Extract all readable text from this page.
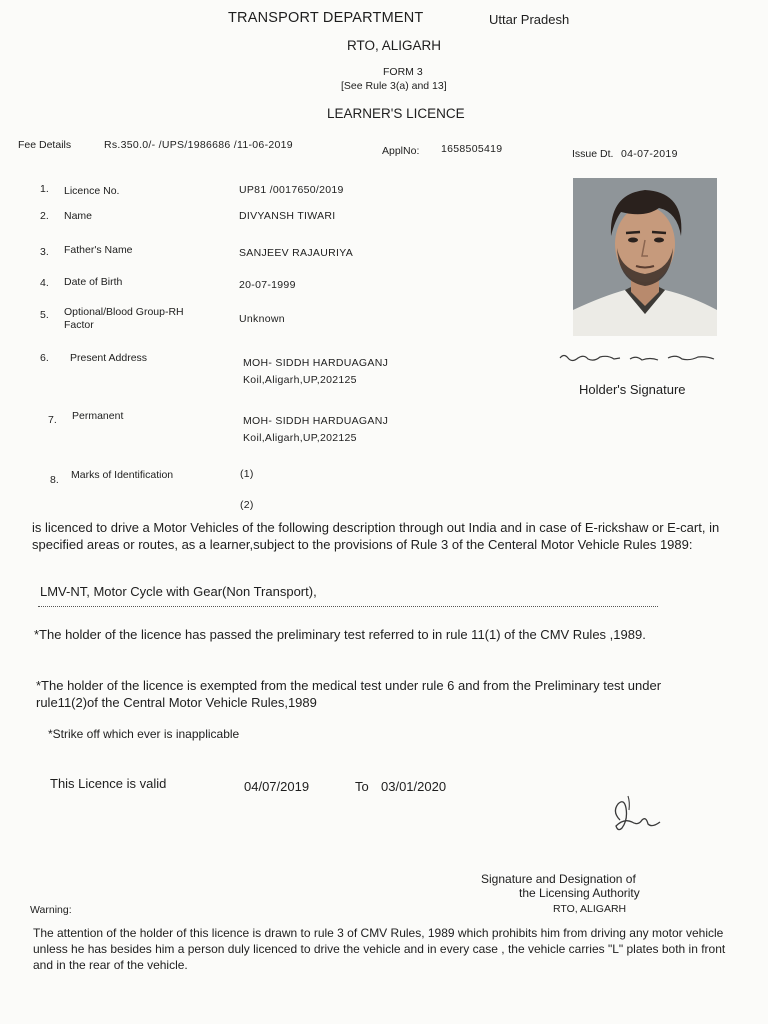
TRANSPORT DEPARTMENT	Uttar Pradesh
RTO, ALIGARH
FORM 3
[See Rule 3(a) and 13]
LEARNER'S LICENCE
Fee Details	Rs.350.0/- /UPS/1986686 /11-06-2019	ApplNo: 1658505419	Issue Dt. 04-07-2019
1.	Licence No.	UP81 /0017650/2019
2.	Name	DIVYANSH TIWARI
3.	Father's Name	SANJEEV RAJAURIYA
4.	Date of Birth	20-07-1999
5.	Optional/Blood Group-RH Factor	Unknown
6.	Present Address	MOH- SIDDH HARDUAGANJ
Koil,Aligarh,UP,202125
7.	Permanent	MOH- SIDDH HARDUAGANJ
Koil,Aligarh,UP,202125
8.	Marks of Identification	(1)
(2)
Holder's Signature
is licenced to drive a Motor Vehicles of the following description through out India and in case of E-rickshaw or E-cart, in specified areas or routes, as a learner,subject to the provisions of Rule 3 of the Centeral Motor Vehicle Rules 1989:
LMV-NT, Motor Cycle with Gear(Non Transport),
*The holder of the licence has passed the preliminary test referred to in rule 11(1) of the CMV Rules ,1989.
*The holder of the licence is exempted from the medical test under rule 6 and from the Preliminary test under rule11(2)of the Central Motor Vehicle Rules,1989
*Strike off which ever is inapplicable
This Licence is valid	04/07/2019	To 03/01/2020
Signature and Designation of
the Licensing Authority
RTO, ALIGARH
Warning:
The attention of the holder of this licence is drawn to rule 3 of CMV Rules, 1989 which prohibits him from driving any motor vehicle unless he has besides him a person duly licenced to drive the vehicle and in every case , the vehicle carries "L" plates both in front and in the rear of the vehicle.
